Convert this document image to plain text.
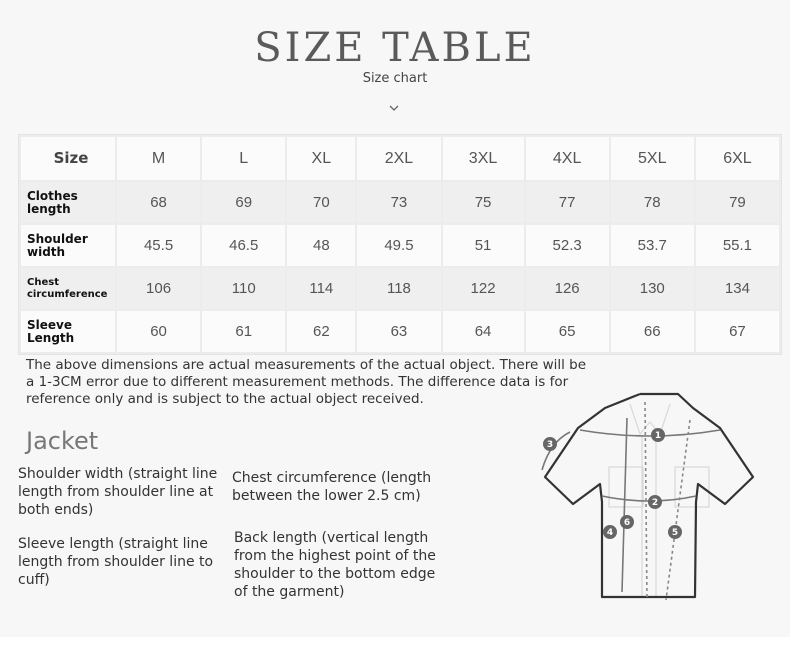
SIZE TABLE
Size chart
Size	M	L	XL	2XL	3XL	4XL	5XL	6XL
Clothes length	68	69	70	73	75	77	78	79
Shoulder width	45.5	46.5	48	49.5	51	52.3	53.7	55.1
Chest circumference	106	110	114	118	122	126	130	134
Sleeve Length	60	61	62	63	64	65	66	67
The above dimensions are actual measurements of the actual object. There will be a 1-3CM error due to different measurement methods. The difference data is for reference only and is subject to the actual object received.
Jacket
Shoulder width (straight line length from shoulder line at both ends)
Chest circumference (length between the lower 2.5 cm)
Sleeve length (straight line length from shoulder line to cuff)
Back length (vertical length from the highest point of the shoulder to the bottom edge of the garment)
1
2
3
4	5
6
